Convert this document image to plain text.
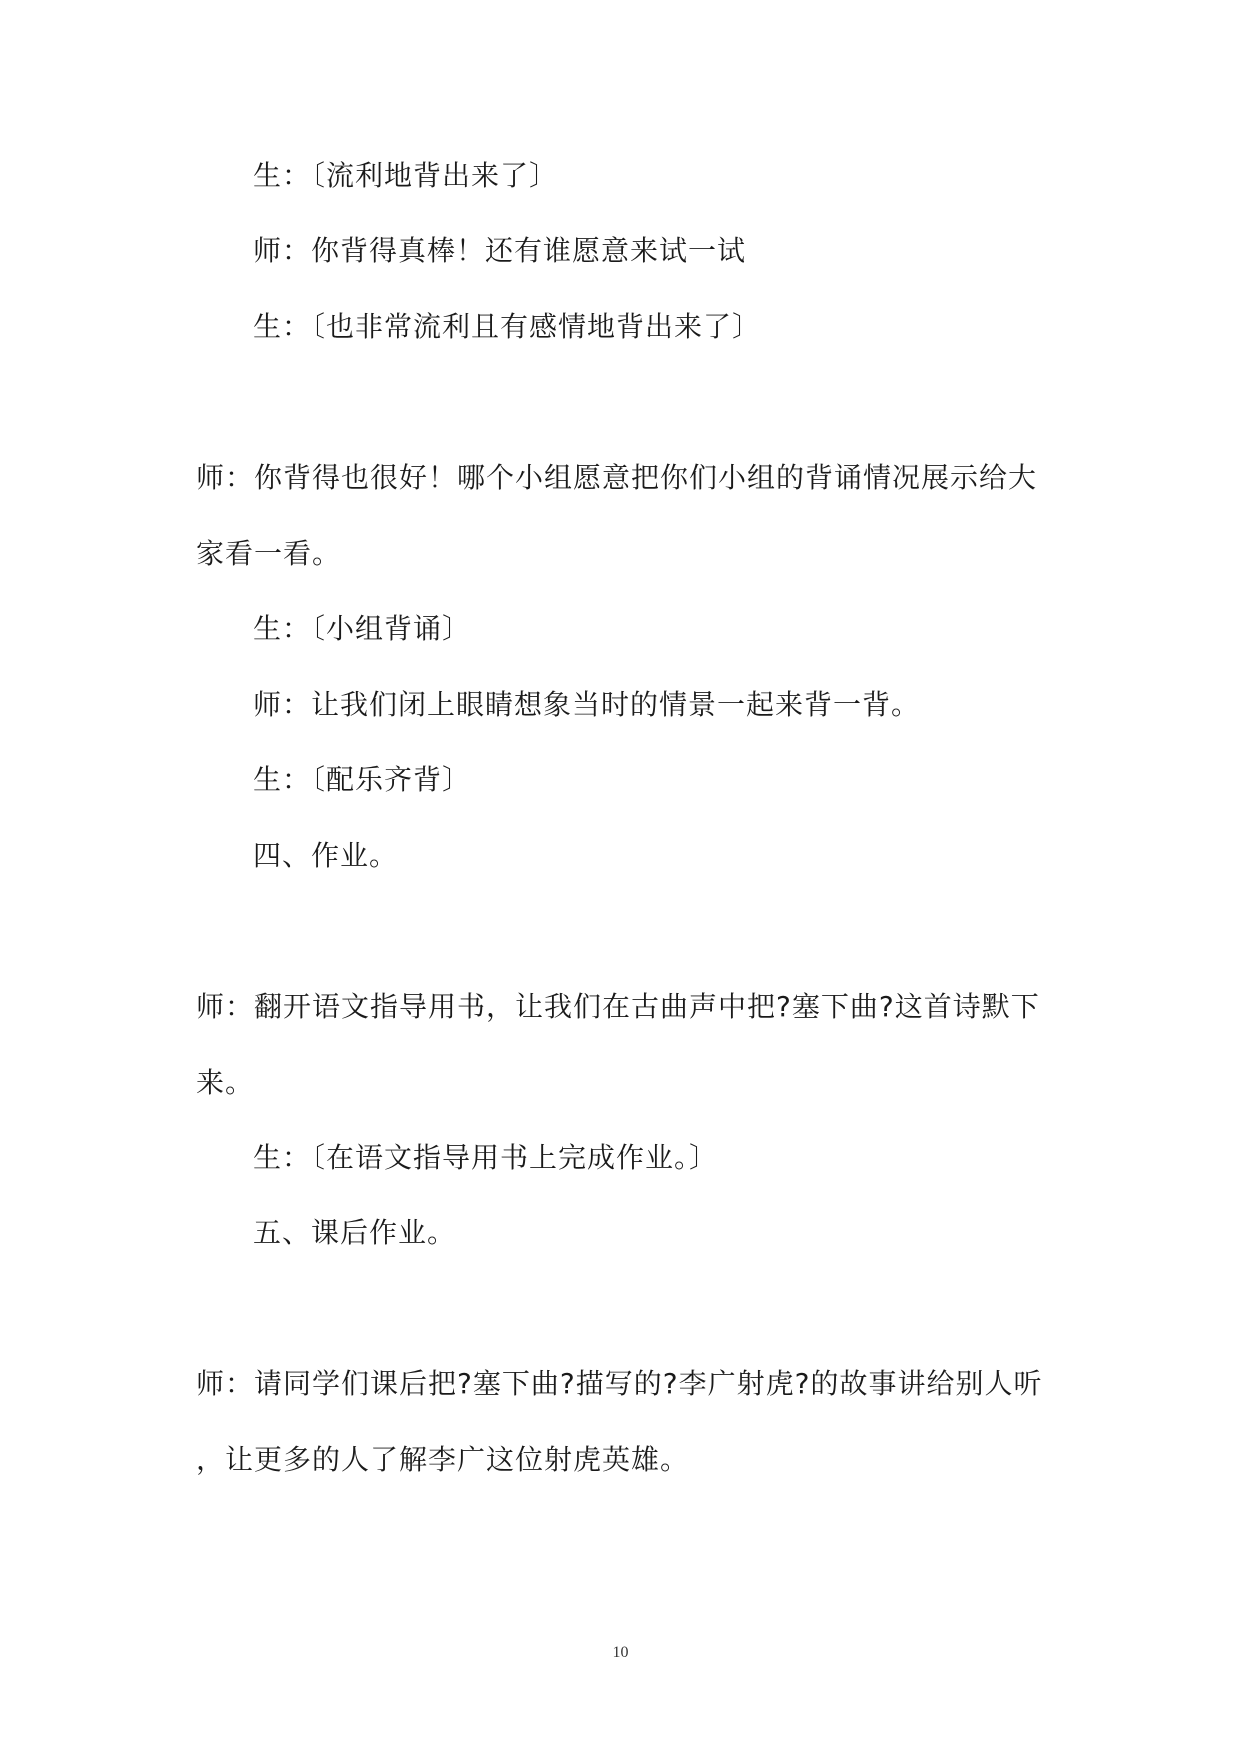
生：〔流利地背出来了〕
师：你背得真棒！还有谁愿意来试一试
生：〔也非常流利且有感情地背出来了〕
师：你背得也很好！哪个小组愿意把你们小组的背诵情况展示给大
家看一看。
生：〔小组背诵〕
师：让我们闭上眼睛想象当时的情景一起来背一背。
生：〔配乐齐背〕
四、作业。
师：翻开语文指导用书，让我们在古曲声中把?塞下曲?这首诗默下
来。
生：〔在语文指导用书上完成作业。〕
五、课后作业。
师：请同学们课后把?塞下曲?描写的?李广射虎?的故事讲给别人听
，让更多的人了解李广这位射虎英雄。
10
